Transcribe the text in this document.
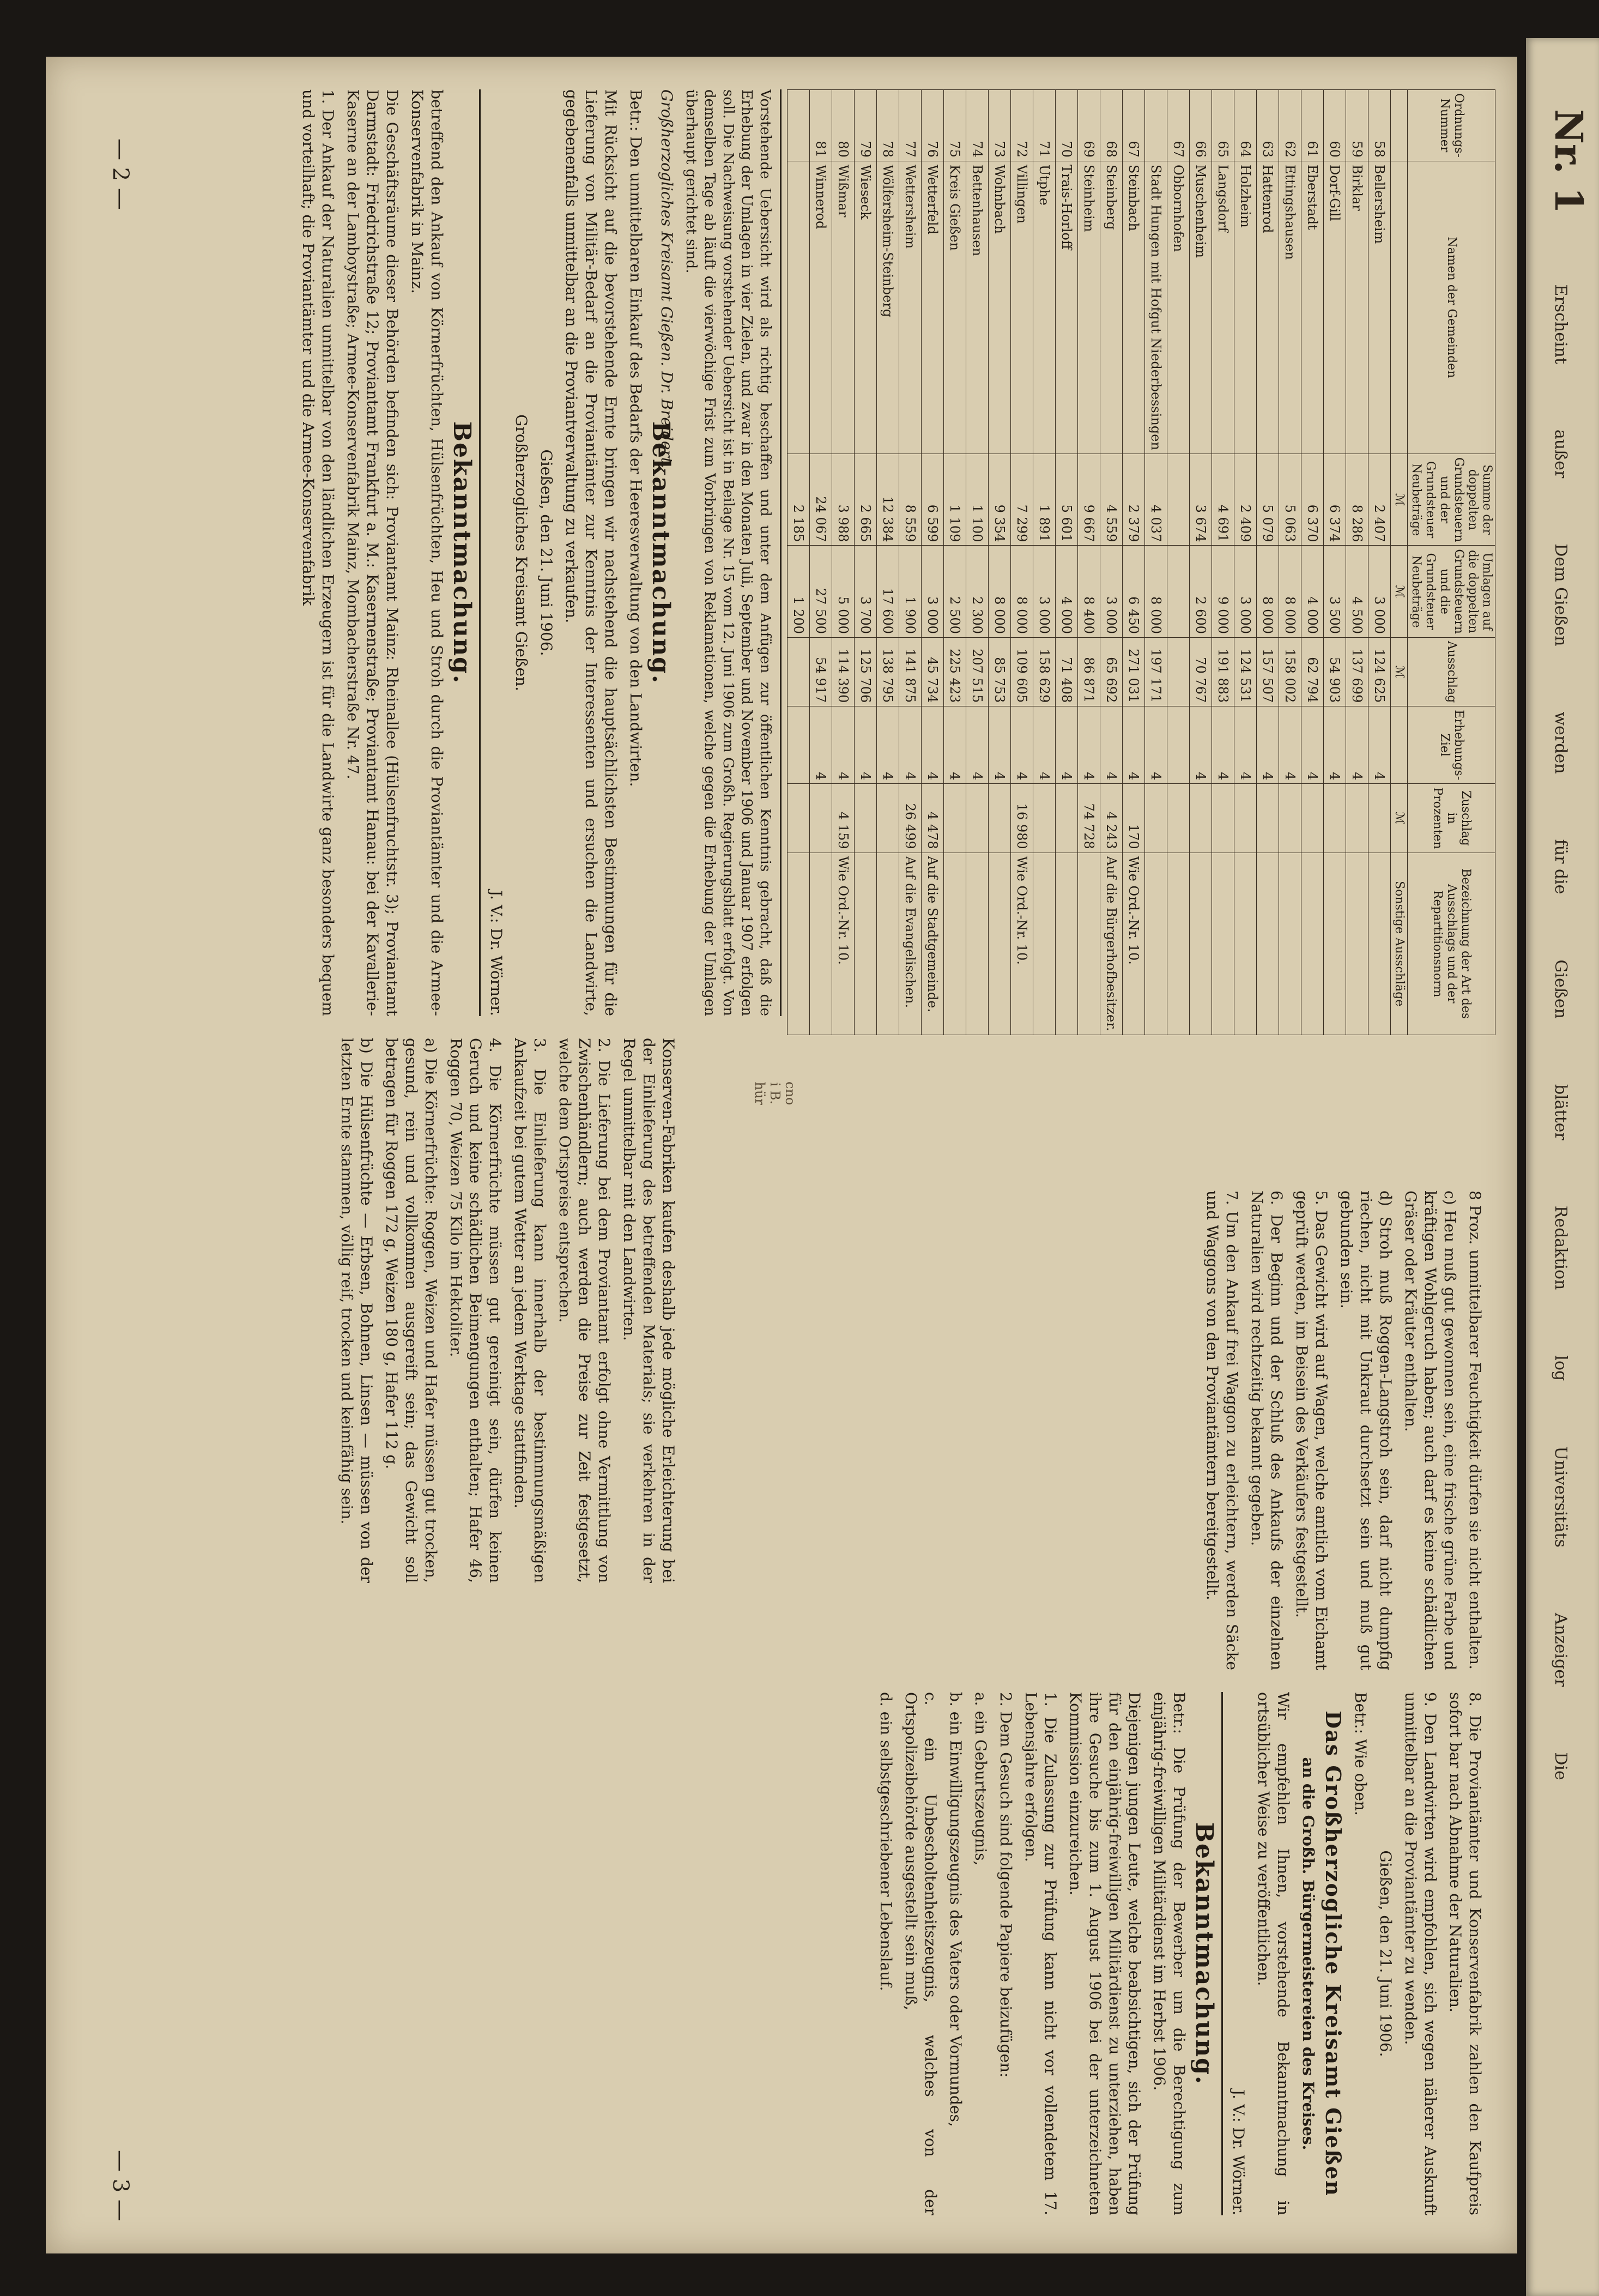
— 2 —
— 3 —
Ordnungs-Nummer	Namen der Gemeinden	Summe der doppelten Grundsteuern und der Grundsteuer Neubeträge	Umlagen auf die doppelten Grundsteuern und die Grundsteuer Neubeträge	Ausschlag	Erhebungs-Ziel	Zuschlag in Prozenten	Bezeichnung der Art des Ausschlags und der Repartitionsnorm
		ℳ	ℳ	ℳ		ℳ	Sonstige Ausschläge
58	Bellersheim	2 407	3 000	124 625	4		
59	Birklar	8 286	4 500	137 699	4		
60	Dorf-Gill	6 374	3 500	54 903	4		
61	Eberstadt	6 370	4 000	62 794	4		
62	Ettingshausen	5 063	8 000	158 002	4		
63	Hattenrod	5 079	8 000	157 507	4		
64	Holzheim	2 409	3 000	124 531	4		
65	Langsdorf	4 691	9 000	191 883	4		
66	Muschenheim	3 674	2 600	70 767	4		
67	Obbornhofen						
	Stadt Hungen mit Hofgut Niederbessingen	4 037	8 000	197 171	4		
67	Steinbach	2 379	6 450	271 031	4	170	Wie Ord.-Nr. 10.
68	Steinberg	4 559	3 000	65 692	4	4 243	Auf die Bürgerhofbesitzer.
69	Steinheim	9 667	8 400	86 871	4	74 728	
70	Trais-Horloff	5 601	4 000	71 408	4		
71	Utphe	1 891	3 000	158 629	4		
72	Villingen	7 299	8 000	109 605	4	16 980	Wie Ord.-Nr. 10.
73	Wohnbach	9 354	8 000	85 753	4		
74	Bettenhausen	1 100	2 300	207 515	4		
75	Kreis Gießen	1 109	2 500	225 423	4		
76	Wetterfeld	6 599	3 000	45 734	4	4 478	Auf die Stadtgemeinde.
77	Wettersheim	8 559	1 900	141 875	4	26 499	Auf die Evangelischen.
78	Wölfersheim-Steinberg	12 384	17 600	138 795	4		
79	Wieseck	2 665	3 700	125 706	4		
80	Wißmar	3 988	5 000	114 390	4	4 159	Wie Ord.-Nr. 10.
81	Winnerod	24 067	27 500	54 917	4		
		2 185	1 200				

Vorstehende Uebersicht wird als richtig beschaffen und unter dem Anfügen zur öffentlichen Kenntnis gebracht, daß die Erhebung der Umlagen in vier Zielen, und zwar in den Monaten Juli, September und November 1906 und Januar 1907 erfolgen soll. Die Nachweisung vorstehender Uebersicht ist in Beilage Nr. 15 vom 12. Juni 1906 zum Großh. Regierungsblatt erfolgt. Von demselben Tage ab läuft die vierwöchige Frist zum Vorbringen von Reklamationen, welche gegen die Erhebung der Umlagen überhaupt gerichtet sind.

Großherzogliches Kreisamt Gießen. Dr. Breidert.

Bekanntmachung.

Betr.: Den unmittelbaren Einkauf des Bedarfs der Heeresverwaltung von den Landwirten.

Mit Rücksicht auf die bevorstehende Ernte bringen wir nachstehend die hauptsächlichsten Bestimmungen für die Lieferung von Militär-Bedarf an die Proviantämter zur Kenntnis der Interessenten und ersuchen die Landwirte, gegebenenfalls unmittelbar an die Proviantverwaltung zu verkaufen.

Gießen, den 21. Juni 1906.

Großherzogliches Kreisamt Gießen.

J. V.: Dr. Wörner.

Bekanntmachung.

betreffend den Ankauf von Körnerfrüchten, Hülsenfrüchten, Heu und Stroh durch die Proviantämter und die Armee-Konservenfabrik in Mainz.

Die Geschäftsräume dieser Behörden befinden sich: Proviantamt Mainz: Rheinallee (Hülsenfruchtstr. 3); Proviantamt Darmstadt: Friedrichstraße 12; Proviantamt Frankfurt a. M.: Kasernenstraße; Proviantamt Hanau: bei der Kavallerie-Kaserne an der Lamboystraße; Armee-Konservenfabrik Mainz, Mombacherstraße Nr. 47.

1. Der Ankauf der Naturalien unmittelbar von den ländlichen Erzeugern ist für die Landwirte ganz besonders bequem und vorteilhaft; die Proviantämter und die Armee-Konservenfabrik

Konserven-Fabriken kaufen deshalb jede mögliche Erleichterung bei der Einlieferung des betreffenden Materials; sie verkehren in der Regel unmittelbar mit den Landwirten.

2. Die Lieferung bei dem Proviantamt erfolgt ohne Vermittlung von Zwischenhändlern; auch werden die Preise zur Zeit festgesetzt, welche dem Ortspreise entsprechen.

3. Die Einlieferung kann innerhalb der bestimmungsmäßigen Ankaufzeit bei gutem Wetter an jedem Werktage stattfinden.

4. Die Körnerfrüchte müssen gut gereinigt sein, dürfen keinen Geruch und keine schädlichen Beimengungen enthalten; Hafer 46, Roggen 70, Weizen 75 Kilo im Hektoliter.

a) Die Körnerfrüchte: Roggen, Weizen und Hafer müssen gut trocken, gesund, rein und vollkommen ausgereift sein; das Gewicht soll betragen für Roggen 172 g, Weizen 180 g, Hafer 112 g.

b) Die Hülsenfrüchte — Erbsen, Bohnen, Linsen — müssen von der letzten Ernte stammen, völlig reif, trocken und keimfähig sein.	cno
i B.
hür

8 Proz. unmittelbarer Feuchtigkeit dürfen sie nicht enthalten.

c) Heu muß gut gewonnen sein, eine frische grüne Farbe und kräftigen Wohlgeruch haben; auch darf es keine schädlichen Gräser oder Kräuter enthalten.

d) Stroh muß Roggen-Langstroh sein, darf nicht dumpfig riechen, nicht mit Unkraut durchsetzt sein und muß gut gebunden sein.

5. Das Gewicht wird auf Wagen, welche amtlich vom Eichamt geprüft werden, im Beisein des Verkäufers festgestellt.

6. Der Beginn und der Schluß des Ankaufs der einzelnen Naturalien wird rechtzeitig bekannt gegeben.

7. Um den Ankauf frei Waggon zu erleichtern, werden Säcke und Waggons von den Proviantämtern bereitgestellt.

8. Die Proviantämter und Konservenfabrik zahlen den Kaufpreis sofort bar nach Abnahme der Naturalien.

9. Den Landwirten wird empfohlen, sich wegen näherer Auskunft unmittelbar an die Proviantämter zu wenden.

Gießen, den 21. Juni 1906.

Betr.: Wie oben.

Das Großherzogliche Kreisamt Gießen

an die Großh. Bürgermeistereien des Kreises.

Wir empfehlen Ihnen, vorstehende Bekanntmachung in ortsüblicher Weise zu veröffentlichen.

J. V.: Dr. Wörner.

Bekanntmachung.

Betr.: Die Prüfung der Bewerber um die Berechtigung zum einjährig-freiwilligen Militärdienst im Herbst 1906.

Diejenigen jungen Leute, welche beabsichtigen, sich der Prüfung für den einjährig-freiwilligen Militärdienst zu unterziehen, haben ihre Gesuche bis zum 1. August 1906 bei der unterzeichneten Kommission einzureichen.

1. Die Zulassung zur Prüfung kann nicht vor vollendetem 17. Lebensjahre erfolgen.

2. Dem Gesuch sind folgende Papiere beizufügen:

a. ein Geburtszeugnis,

b. ein Einwilligungszeugnis des Vaters oder Vormundes,

c. ein Unbescholtenheitszeugnis, welches von der Ortspolizeibehörde ausgestellt sein muß,

d. ein selbstgeschriebener Lebenslauf.

Nr. 1 ErscheintaußerDem Gießenwerdenfür dieGießenblätterRedaktionlogUniversitätsAnzeigerDie
